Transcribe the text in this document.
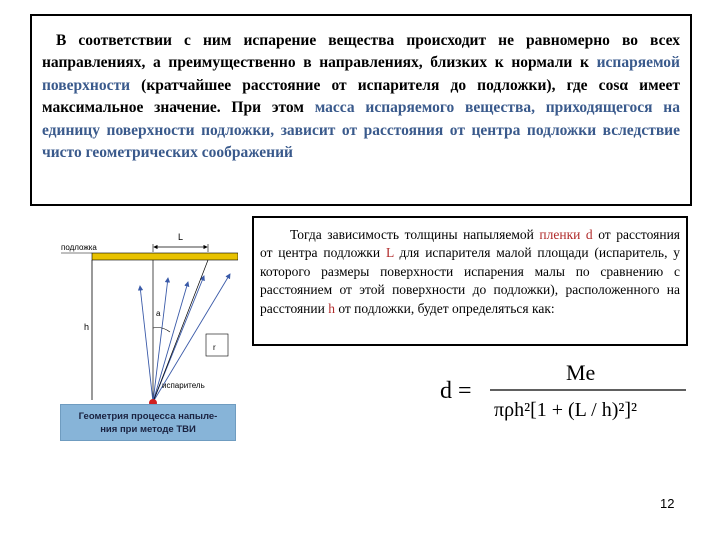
В соответствии с ним испарение вещества происходит не равномерно во всех направлениях, а преимущественно в направлениях, близких к нормали к испаряемой поверхности (кратчайшее расстояние от испарителя до подложки), где cosα имеет максимальное значение. При этом масса испаряемого вещества, приходящегося на единицу поверхности подложки, зависит от расстояния от центра подложки вследствие чисто геометрических соображений
подложка
L
h
a
r
испаритель
Геометрия процесса напыле-
ния при методе ТВИ
Тогда зависимость толщины напыляемой пленки d от расстояния от центра подложки L для испарителя малой площади (испаритель, у которого размеры поверхности испарения малы по сравнению с расстоянием от этой поверхности до подложки), расположенного на расстоянии h от подложки, будет определяться как:
d =
Me
πρh²[1 + (L / h)²]²
12
